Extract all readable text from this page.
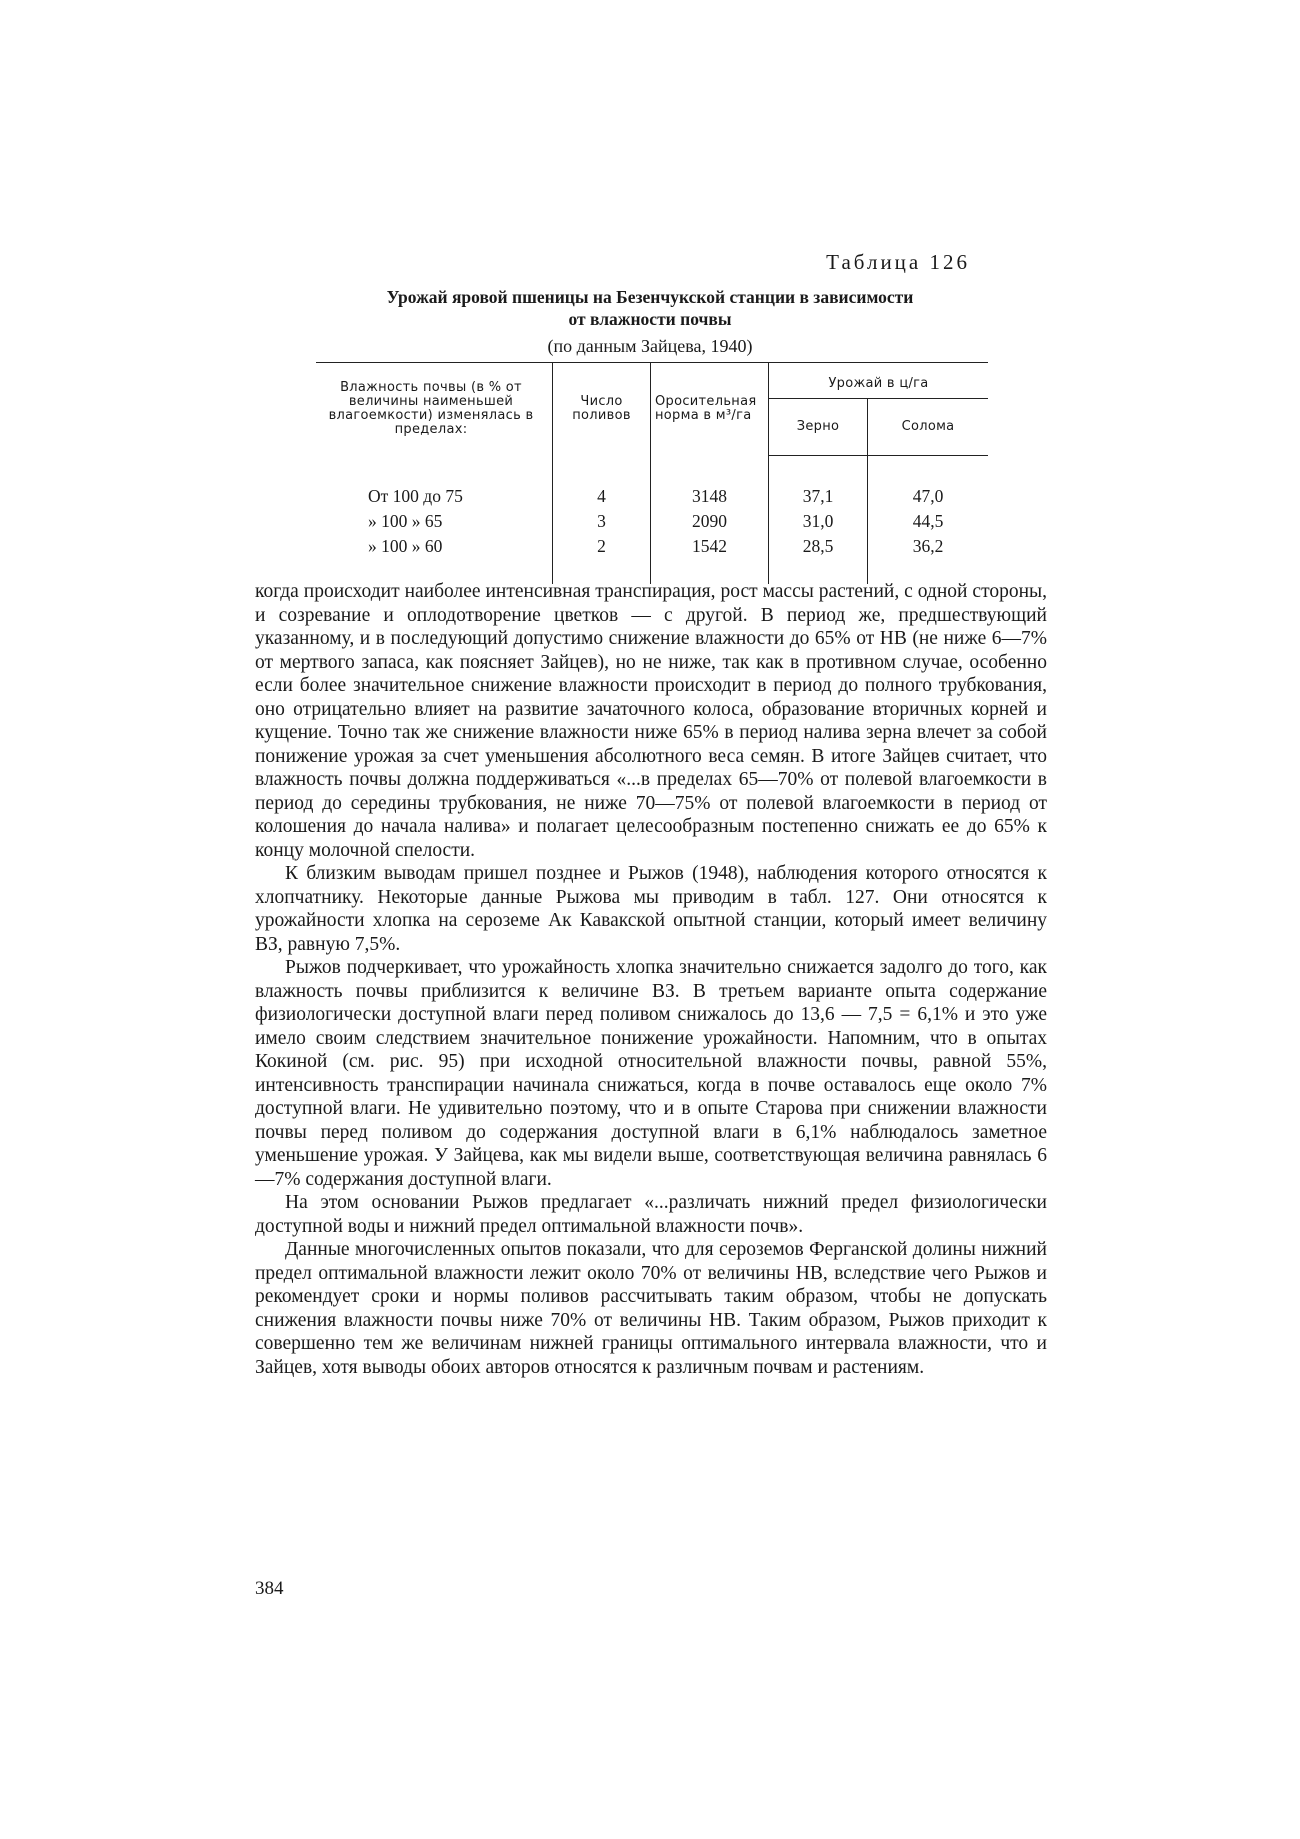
Таблица 126
Урожай яровой пшеницы на Безенчукской станции в зависимости
от влажности почвы
(по данным Зайцева, 1940)
Влажность почвы (в % от величины наименьшей влагоемкости) изменялась в пределах:	Число поливов	Оросительная норма в м³/га	Урожай в ц/га	
			Зерно	Солома

От 100 до 75	4	3148	37,1	47,0
» 100 » 65	3	2090	31,0	44,5
» 100 » 60	2	1542	28,5	36,2

когда происходит наиболее интенсивная транспирация, рост массы растений, с одной стороны, и созревание и оплодотворение цветков — с другой. В период же, предшествующий указанному, и в последующий допустимо снижение влажности до 65% от НВ (не ниже 6—7% от мертвого запаса, как поясняет Зайцев), но не ниже, так как в противном случае, особенно если более значительное снижение влажности происходит в период до полного трубкования, оно отрицательно влияет на развитие зачаточного колоса, образование вторичных корней и кущение. Точно так же снижение влажности ниже 65% в период налива зерна влечет за собой понижение урожая за счет уменьшения абсолютного веса семян. В итоге Зайцев считает, что влажность почвы должна поддерживаться «...в пределах 65—70% от полевой влагоемкости в период до середины трубкования, не ниже 70—75% от полевой влагоемкости в период от колошения до начала налива» и полагает целесообразным постепенно снижать ее до 65% к концу молочной спелости.

К близким выводам пришел позднее и Рыжов (1948), наблюдения которого относятся к хлопчатнику. Некоторые данные Рыжова мы приводим в табл. 127. Они относятся к урожайности хлопка на сероземе Ак Кавакской опытной станции, который имеет величину ВЗ, равную 7,5%.

Рыжов подчеркивает, что урожайность хлопка значительно снижается задолго до того, как влажность почвы приблизится к величине ВЗ. В третьем варианте опыта содержание физиологически доступной влаги перед поливом снижалось до 13,6 — 7,5 = 6,1% и это уже имело своим следствием значительное понижение урожайности. Напомним, что в опытах Кокиной (см. рис. 95) при исходной относительной влажности почвы, равной 55%, интенсивность транспирации начинала снижаться, когда в почве оставалось еще около 7% доступной влаги. Не удивительно поэтому, что и в опыте Старова при снижении влажности почвы перед поливом до содержания доступной влаги в 6,1% наблюдалось заметное уменьшение урожая. У Зайцева, как мы видели выше, соответствующая величина равнялась 6—7% содержания доступной влаги.

На этом основании Рыжов предлагает «...различать нижний предел физиологически доступной воды и нижний предел оптимальной влажности почв».

Данные многочисленных опытов показали, что для сероземов Ферганской долины нижний предел оптимальной влажности лежит около 70% от величины НВ, вследствие чего Рыжов и рекомендует сроки и нормы поливов рассчитывать таким образом, чтобы не допускать снижения влажности почвы ниже 70% от величины НВ. Таким образом, Рыжов приходит к совершенно тем же величинам нижней границы оптимального интервала влажности, что и Зайцев, хотя выводы обоих авторов относятся к различным почвам и растениям.

384
